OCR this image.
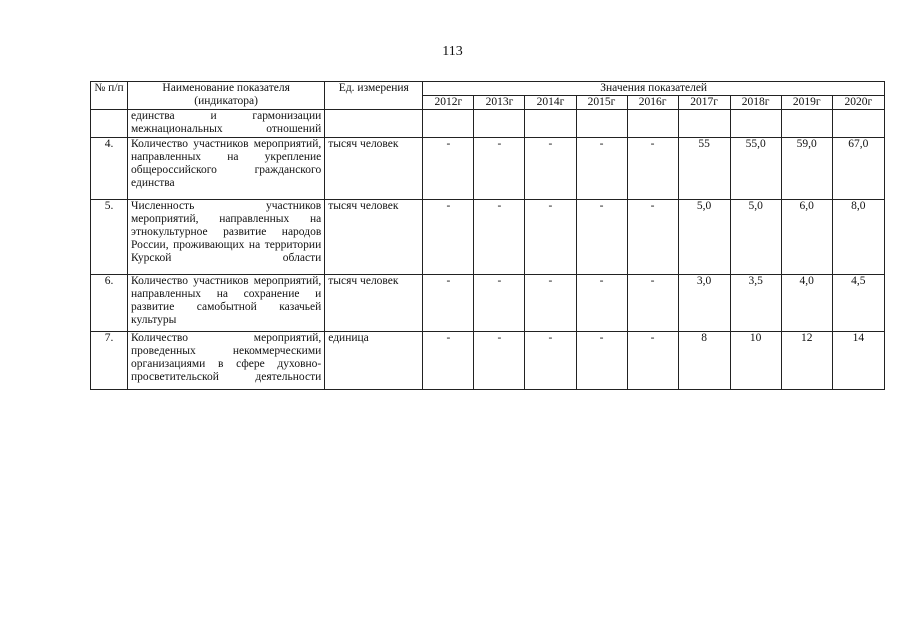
113
№ п/п	Наименование показателя (индикатора)	Ед. измерения	Значения показателей								
			2012г	2013г	2014г	2015г	2016г	2017г	2018г	2019г	2020г
	единства и гармонизации межнациональных отношений										
4.	Количество участников мероприятий, направленных на укрепление общероссийского гражданского единства	тысяч человек	-	-	-	-	-	55	55,0	59,0	67,0
5.	Численность участников мероприятий, направленных на этнокультурное развитие народов России, проживающих на территории Курской области	тысяч человек	-	-	-	-	-	5,0	5,0	6,0	8,0
6.	Количество участников мероприятий, направленных на сохранение и развитие самобытной казачьей культуры	тысяч человек	-	-	-	-	-	3,0	3,5	4,0	4,5
7.	Количество мероприятий, проведенных некоммерческими организациями в сфере духовно-просветительской деятельности	единица	-	-	-	-	-	8	10	12	14
